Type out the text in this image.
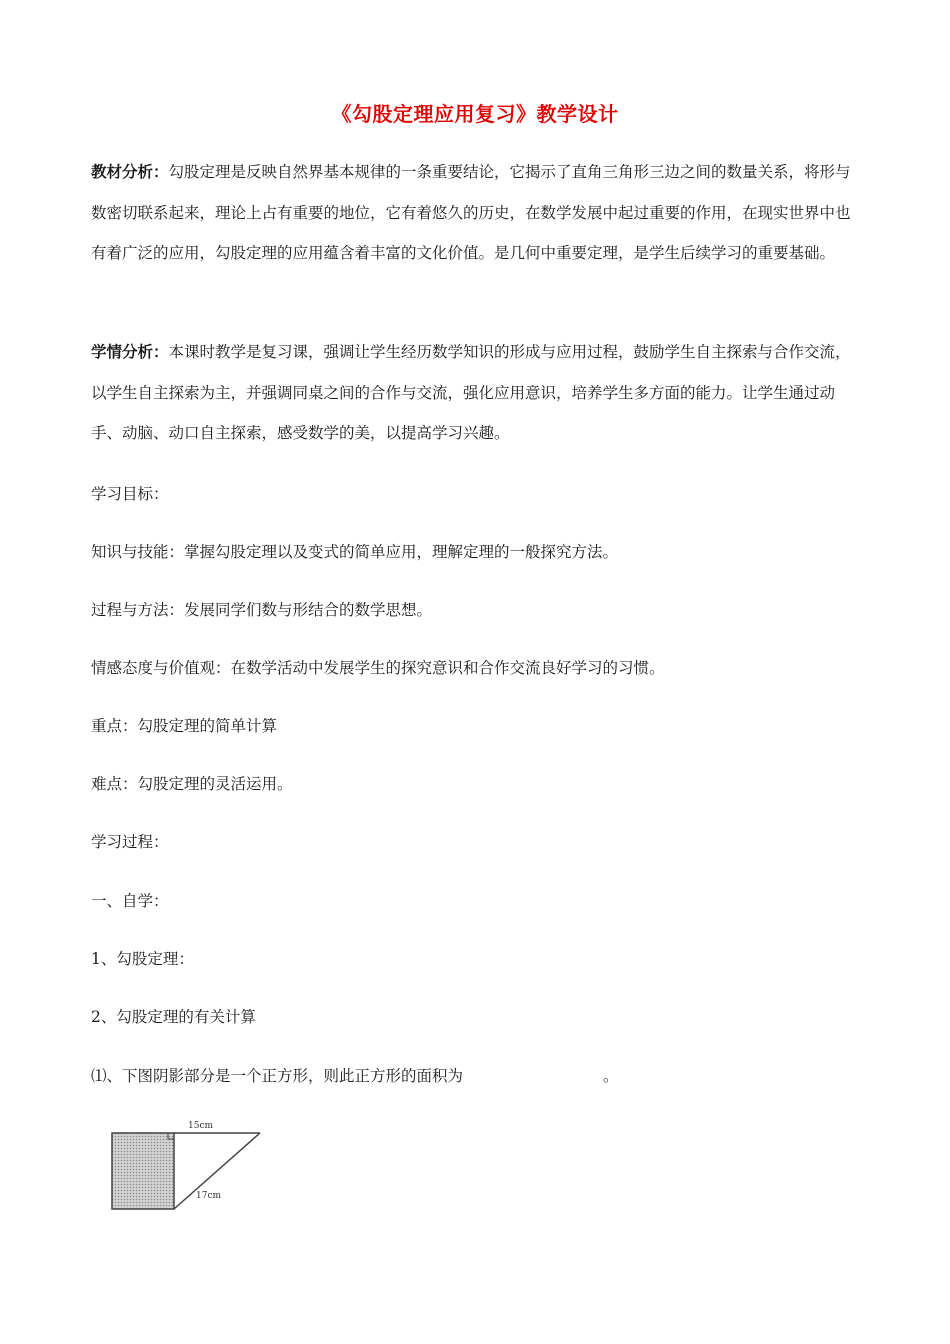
《勾股定理应用复习》教学设计
教材分析：勾股定理是反映自然界基本规律的一条重要结论，它揭示了直角三角形三边之间的数量关系，将形与数密切联系起来，理论上占有重要的地位，它有着悠久的历史，在数学发展中起过重要的作用，在现实世界中也有着广泛的应用，勾股定理的应用蕴含着丰富的文化价值。是几何中重要定理，是学生后续学习的重要基础。
学情分析：本课时教学是复习课，强调让学生经历数学知识的形成与应用过程，鼓励学生自主探索与合作交流，以学生自主探索为主，并强调同桌之间的合作与交流，强化应用意识，培养学生多方面的能力。让学生通过动手、动脑、动口自主探索，感受数学的美，以提高学习兴趣。
学习目标：
知识与技能：掌握勾股定理以及变式的简单应用，理解定理的一般探究方法。
过程与方法：发展同学们数与形结合的数学思想。
情感态度与价值观：在数学活动中发展学生的探究意识和合作交流良好学习的习惯。
重点：勾股定理的简单计算
难点：勾股定理的灵活运用。
学习过程：
一、自学：
1、勾股定理：
2、勾股定理的有关计算
⑴、下图阴影部分是一个正方形，则此正方形的面积为	。
15cm
17cm
